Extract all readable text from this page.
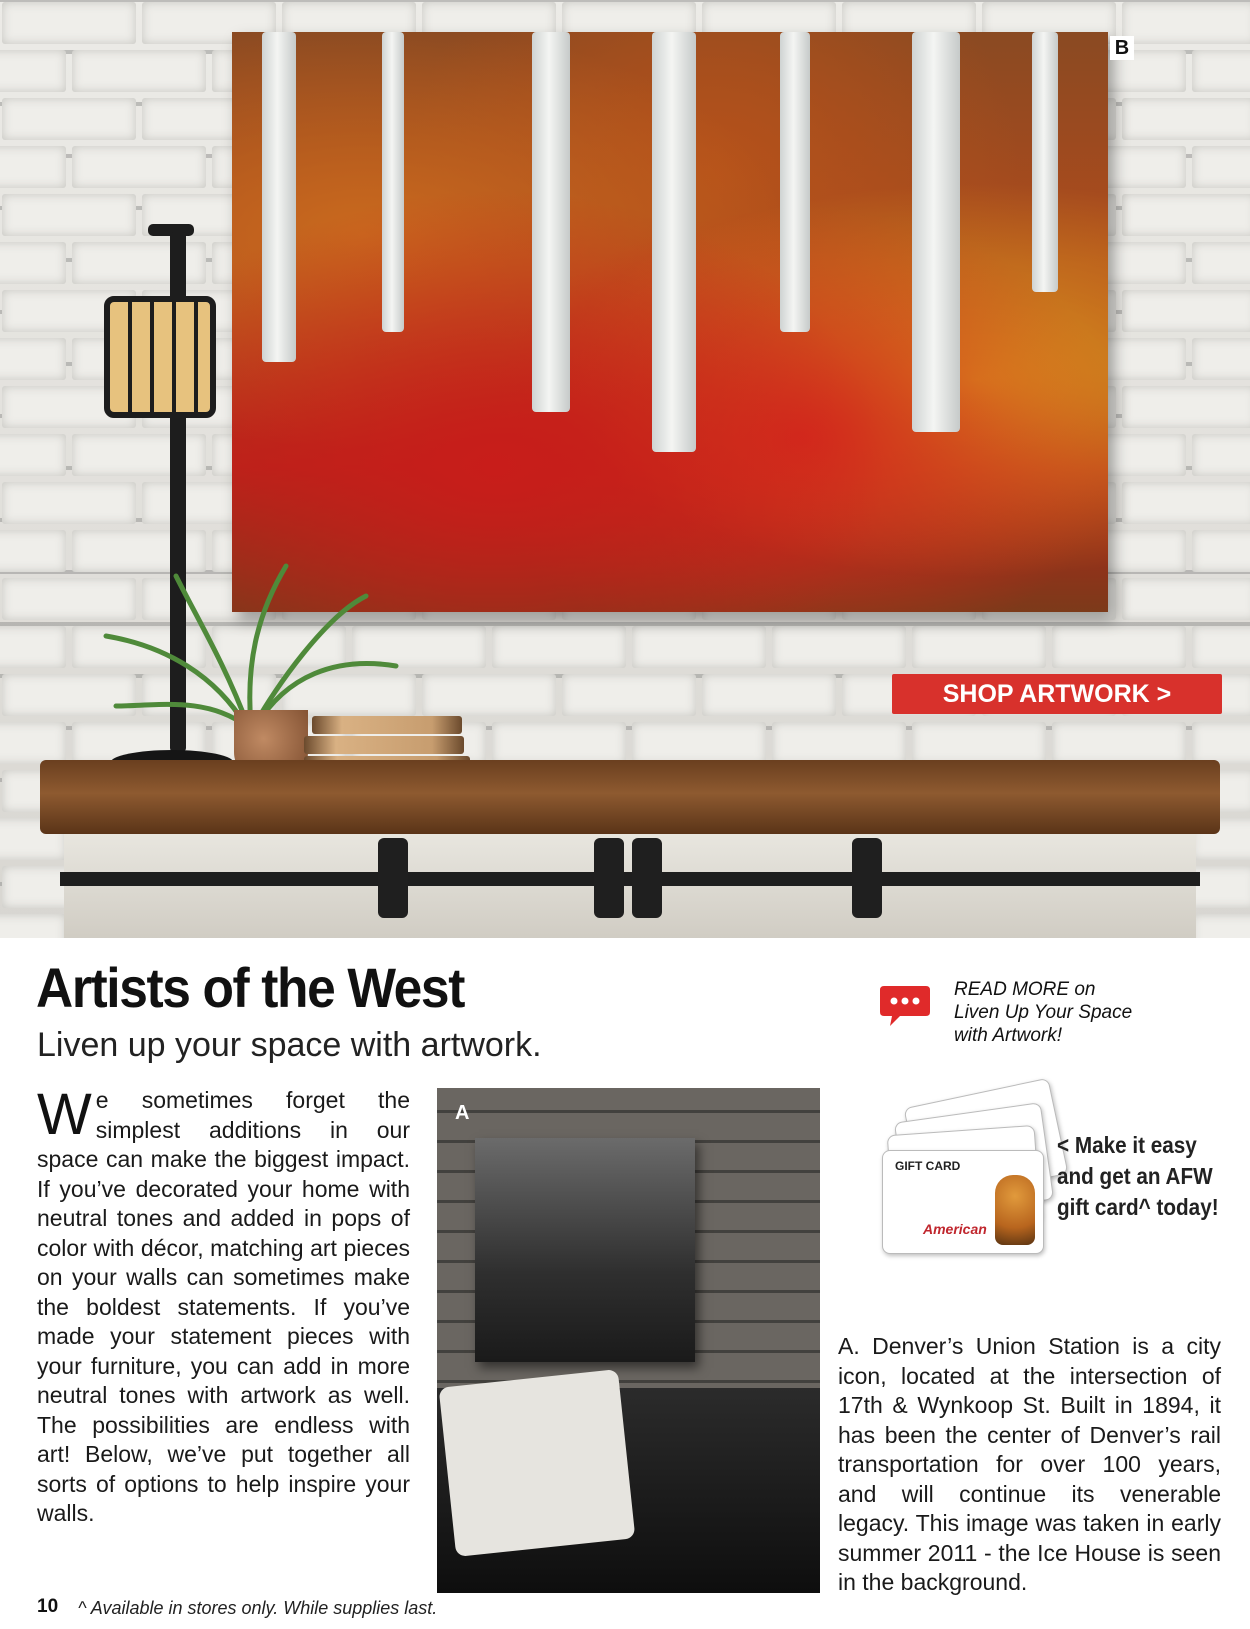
B
SHOP ARTWORK >
Artists of the West
Liven up your space with artwork.
READ MORE on
Liven Up Your Space
with Artwork!
We sometimes forget the simplest additions in our space can make the biggest impact. If you’ve decorated your home with neutral tones and added in pops of color with décor, matching art pieces on your walls can sometimes make the boldest statements. If you’ve made your statement pieces with your furniture, you can add in more neutral tones with artwork as well. The possibilities are endless with art! Below, we’ve put together all sorts of options to help inspire your walls.
A
GIFT CARD
American
< Make it easy and get an AFW gift card^ today!
A. Denver’s Union Station is a city icon, located at the intersection of 17th & Wynkoop St. Built in 1894, it has been the center of Denver’s rail transportation for over 100 years, and will continue its venerable legacy. This image was taken in early summer 2011 - the Ice House is seen in the background.
10 ^ Available in stores only. While supplies last.
